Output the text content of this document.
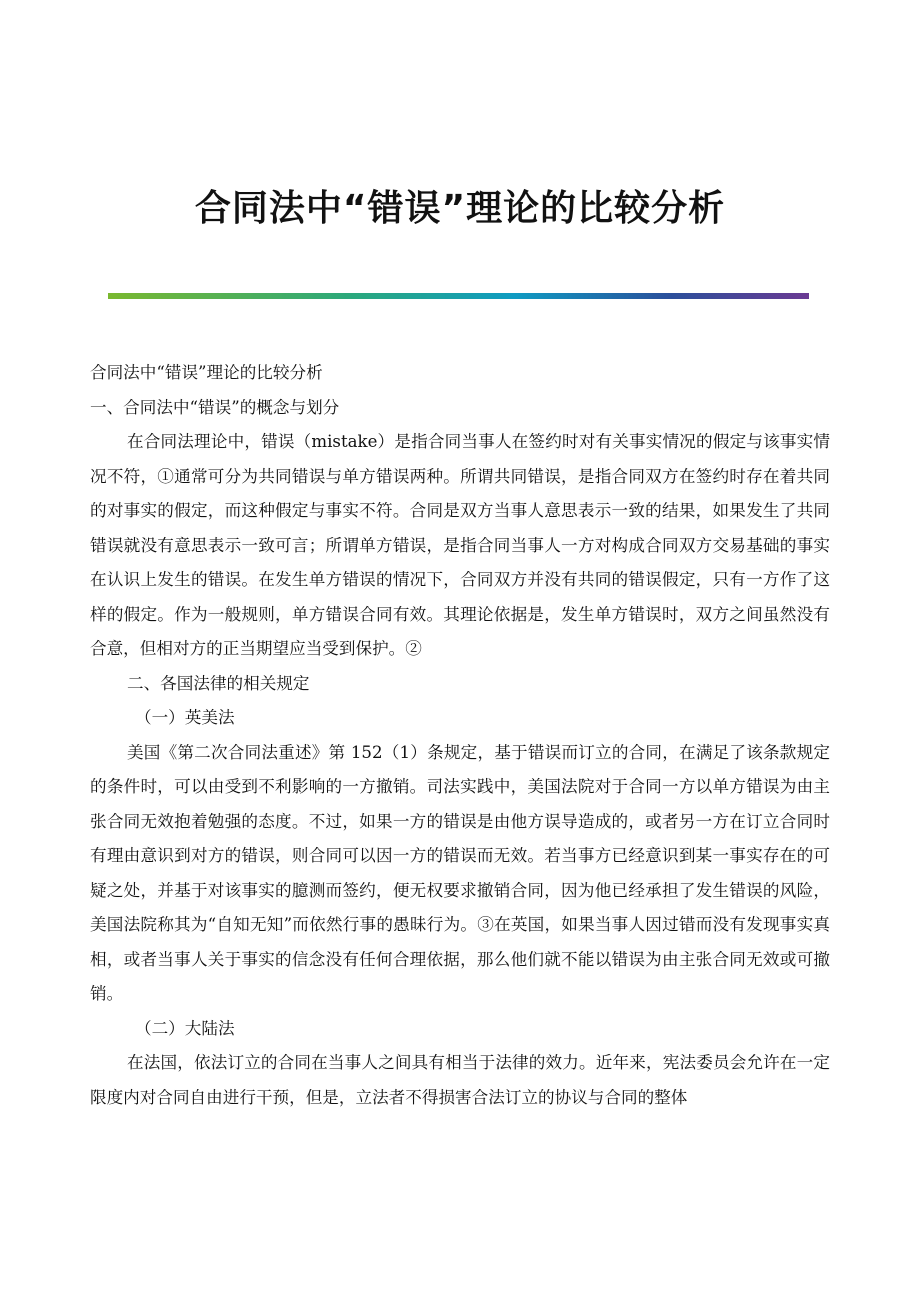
合同法中“错误”理论的比较分析

合同法中“错误”理论的比较分析

一、合同法中“错误”的概念与划分

在合同法理论中，错误（mistake）是指合同当事人在签约时对有关事实情况的假定与该事实情况不符，①通常可分为共同错误与单方错误两种。所谓共同错误，是指合同双方在签约时存在着共同的对事实的假定，而这种假定与事实不符。合同是双方当事人意思表示一致的结果，如果发生了共同错误就没有意思表示一致可言；所谓单方错误，是指合同当事人一方对构成合同双方交易基础的事实在认识上发生的错误。在发生单方错误的情况下，合同双方并没有共同的错误假定，只有一方作了这样的假定。作为一般规则，单方错误合同有效。其理论依据是，发生单方错误时，双方之间虽然没有合意，但相对方的正当期望应当受到保护。②

二、各国法律的相关规定

（一）英美法

美国《第二次合同法重述》第 152（1）条规定，基于错误而订立的合同，在满足了该条款规定的条件时，可以由受到不利影响的一方撤销。司法实践中，美国法院对于合同一方以单方错误为由主张合同无效抱着勉强的态度。不过，如果一方的错误是由他方误导造成的，或者另一方在订立合同时有理由意识到对方的错误，则合同可以因一方的错误而无效。若当事方已经意识到某一事实存在的可疑之处，并基于对该事实的臆测而签约，便无权要求撤销合同，因为他已经承担了发生错误的风险，美国法院称其为“自知无知”而依然行事的愚昧行为。③在英国，如果当事人因过错而没有发现事实真相，或者当事人关于事实的信念没有任何合理依据，那么他们就不能以错误为由主张合同无效或可撤销。

（二）大陆法

在法国，依法订立的合同在当事人之间具有相当于法律的效力。近年来，宪法委员会允许在一定限度内对合同自由进行干预，但是，立法者不得损害合法订立的协议与合同的整体
